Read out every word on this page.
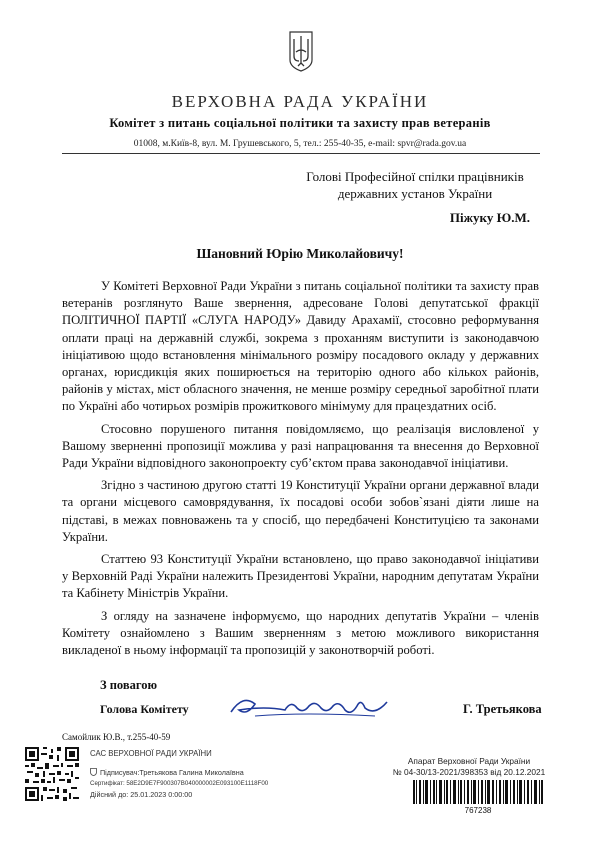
ВЕРХОВНА РАДА УКРАЇНИ
Комітет з питань соціальної політики та захисту прав ветеранів
01008, м.Київ-8, вул. М. Грушевського, 5, тел.: 255-40-35, e-mail: spvr@rada.gov.ua
Голові Професійної спілки працівників
державних установ України
Піжуку Ю.М.
Шановний Юрію Миколайовичу!

У Комітеті Верховної Ради України з питань соціальної політики та захисту прав ветеранів розглянуто Ваше звернення, адресоване Голові депутатської фракції ПОЛІТИЧНОЇ ПАРТІЇ «СЛУГА НАРОДУ» Давиду Арахамії, стосовно реформування оплати праці на державній службі, зокрема з проханням виступити із законодавчою ініціативою щодо встановлення мінімального розміру посадового окладу у державних органах, юрисдикція яких поширюється на територію одного або кількох районів, районів у містах, міст обласного значення, не менше розміру середньої заробітної плати по Україні або чотирьох розмірів прожиткового мінімуму для працездатних осіб.

Стосовно порушеного питання повідомляємо, що реалізація висловленої у Вашому зверненні пропозиції можлива у разі напрацювання та внесення до Верховної Ради України відповідного законопроекту суб’єктом права законодавчої ініціативи.

Згідно з частиною другою статті 19 Конституції України органи державної влади та органи місцевого самоврядування, їх посадові особи зобов`язані діяти лише на підставі, в межах повноважень та у спосіб, що передбачені Конституцією та законами України.

Статтею 93 Конституції України встановлено, що право законодавчої ініціативи у Верховній Раді України належить Президентові України, народним депутатам України та Кабінету Міністрів України.

З огляду на зазначене інформуємо, що народних депутатів України – членів Комітету ознайомлено з Вашим зверненням з метою можливого використання викладеної в ньому інформації та пропозицій у законотворчій роботі.

З повагою
Голова Комітету	Г. Третьякова
Самойлик Ю.В., т.255-40-59
САС ВЕРХОВНОЇ РАДИ УКРАЇНИ
Підписувач:Третьякова Галина Миколаївна
Сертифікат: 58E2D9E7F900307B040000002E093100E1118F00
Дійсний до: 25.01.2023 0:00:00
Апарат Верховної Ради України
№ 04-30/13-2021/398353 від 20.12.2021
767238
